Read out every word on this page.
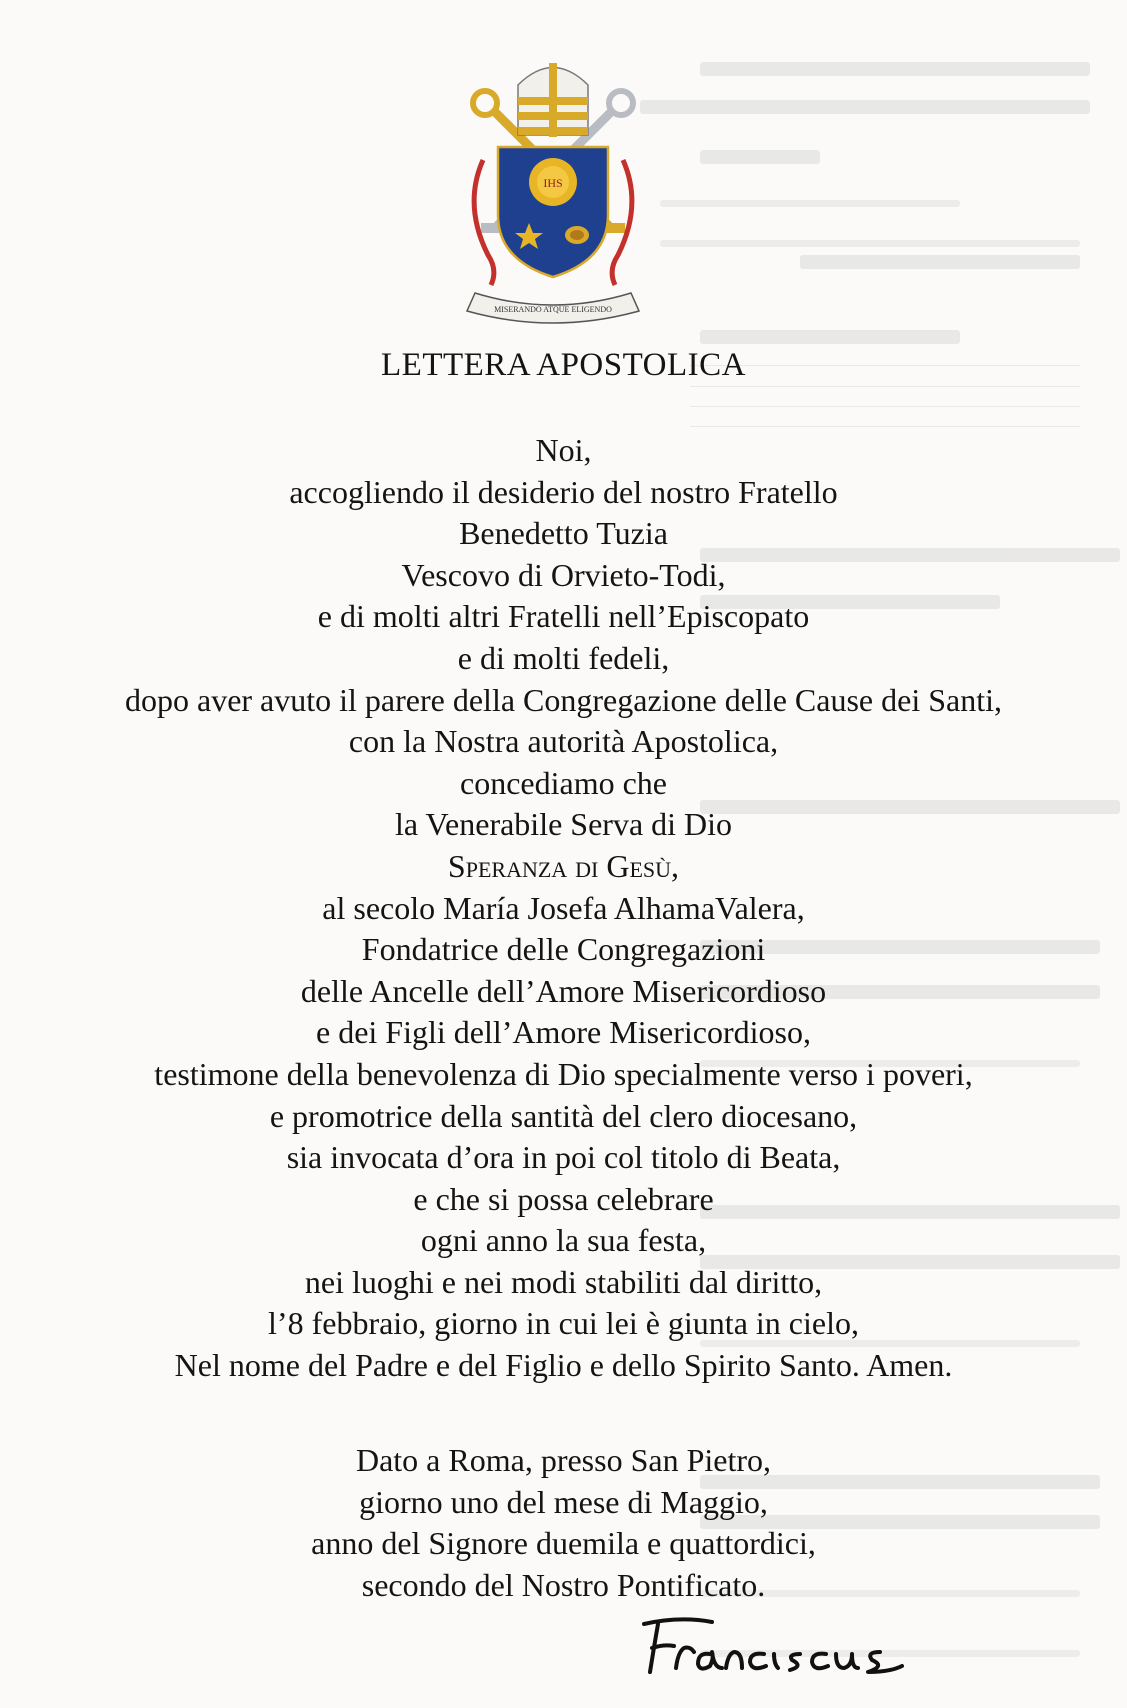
IHS
MISERANDO ATQUE ELIGENDO
LETTERA APOSTOLICA
Noi,
accogliendo il desiderio del nostro Fratello
Benedetto Tuzia
Vescovo di Orvieto-Todi,
e di molti altri Fratelli nell’Episcopato
e di molti fedeli,
dopo aver avuto il parere della Congregazione delle Cause dei Santi,
con la Nostra autorità Apostolica,
concediamo che
la Venerabile Serva di Dio
Speranza di Gesù,
al secolo María Josefa AlhamaValera,
Fondatrice delle Congregazioni
delle Ancelle dell’Amore Misericordioso
e dei Figli dell’Amore Misericordioso,
testimone della benevolenza di Dio specialmente verso i poveri,
e promotrice della santità del clero diocesano,
sia invocata d’ora in poi col titolo di Beata,
e che si possa celebrare
ogni anno la sua festa,
nei luoghi e nei modi stabiliti dal diritto,
l’8 febbraio, giorno in cui lei è giunta in cielo,
Nel nome del Padre e del Figlio e dello Spirito Santo. Amen.
Dato a Roma, presso San Pietro,
giorno uno del mese di Maggio,
anno del Signore duemila e quattordici,
secondo del Nostro Pontificato.
